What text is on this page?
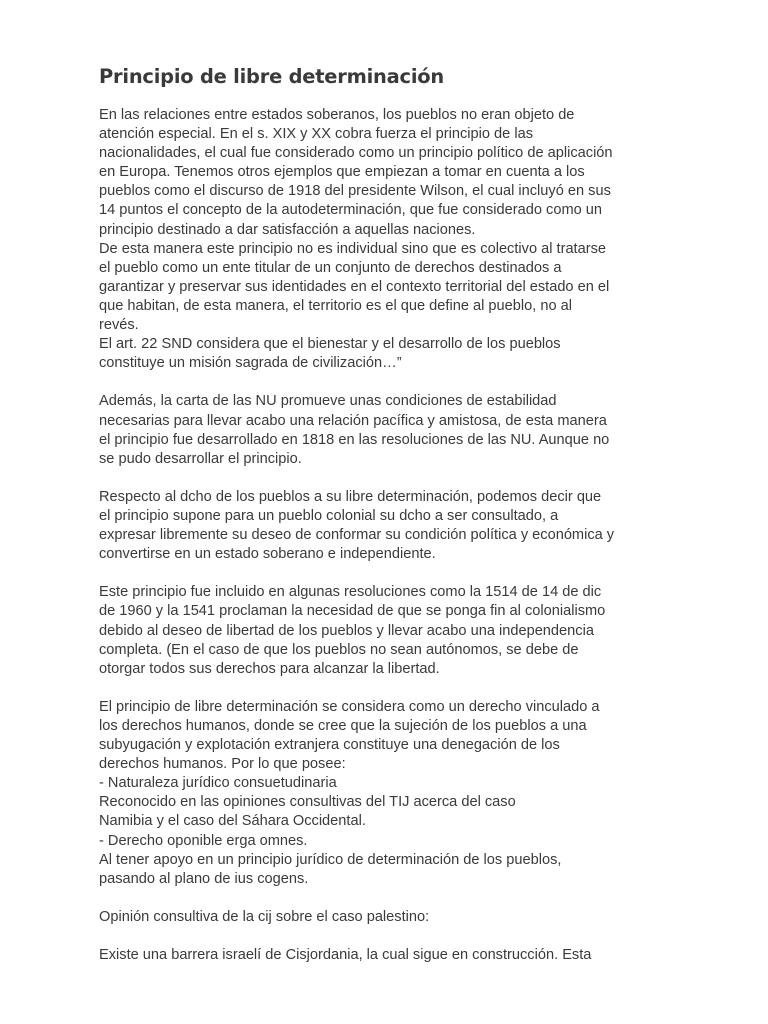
Principio de libre determinación
En las relaciones entre estados soberanos, los pueblos no eran objeto de
atención especial. En el s. XIX y XX cobra fuerza el principio de las
nacionalidades, el cual fue considerado como un principio político de aplicación
en Europa. Tenemos otros ejemplos que empiezan a tomar en cuenta a los
pueblos como el discurso de 1918 del presidente Wilson, el cual incluyó en sus
14 puntos el concepto de la autodeterminación, que fue considerado como un
principio destinado a dar satisfacción a aquellas naciones.
De esta manera este principio no es individual sino que es colectivo al tratarse
el pueblo como un ente titular de un conjunto de derechos destinados a
garantizar y preservar sus identidades en el contexto territorial del estado en el
que habitan, de esta manera, el territorio es el que define al pueblo, no al
revés.
El art. 22 SND considera que el bienestar y el desarrollo de los pueblos
constituye un misión sagrada de civilización…”
Además, la carta de las NU promueve unas condiciones de estabilidad
necesarias para llevar acabo una relación pacífica y amistosa, de esta manera
el principio fue desarrollado en 1818 en las resoluciones de las NU. Aunque no
se pudo desarrollar el principio.
Respecto al dcho de los pueblos a su libre determinación, podemos decir que
el principio supone para un pueblo colonial su dcho a ser consultado, a
expresar libremente su deseo de conformar su condición política y económica y
convertirse en un estado soberano e independiente.
Este principio fue incluido en algunas resoluciones como la 1514 de 14 de dic
de 1960 y la 1541 proclaman la necesidad de que se ponga fin al colonialismo
debido al deseo de libertad de los pueblos y llevar acabo una independencia
completa. (En el caso de que los pueblos no sean autónomos, se debe de
otorgar todos sus derechos para alcanzar la libertad.
El principio de libre determinación se considera como un derecho vinculado a
los derechos humanos, donde se cree que la sujeción de los pueblos a una
subyugación y explotación extranjera constituye una denegación de los
derechos humanos. Por lo que posee:
- Naturaleza jurídico consuetudinaria
Reconocido en las opiniones consultivas del TIJ acerca del caso
Namibia y el caso del Sáhara Occidental.
- Derecho oponible erga omnes.
Al tener apoyo en un principio jurídico de determinación de los pueblos,
pasando al plano de ius cogens.
Opinión consultiva de la cij sobre el caso palestino:
Existe una barrera israelí de Cisjordania, la cual sigue en construcción. Esta
